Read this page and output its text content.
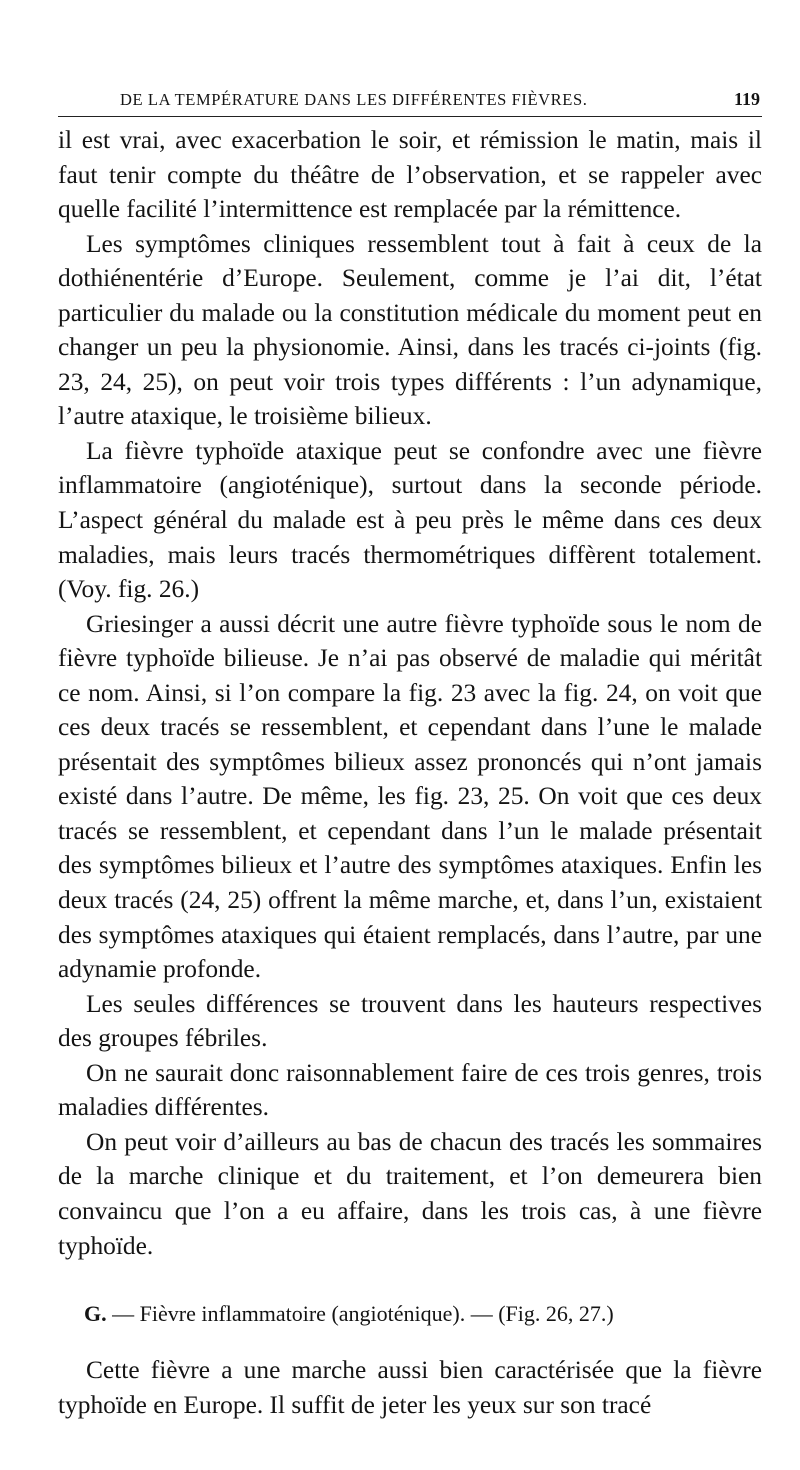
DE LA TEMPÉRATURE DANS LES DIFFÉRENTES FIÈVRES.	119

il est vrai, avec exacerbation le soir, et rémission le matin, mais il faut tenir compte du théâtre de l’observation, et se rappeler avec quelle facilité l’intermittence est remplacée par la rémittence.

Les symptômes cliniques ressemblent tout à fait à ceux de la dothiénentérie d’Europe. Seulement, comme je l’ai dit, l’état particulier du malade ou la constitution médicale du moment peut en changer un peu la physionomie. Ainsi, dans les tracés ci-joints (fig. 23, 24, 25), on peut voir trois types différents : l’un adynamique, l’autre ataxique, le troisième bilieux.

La fièvre typhoïde ataxique peut se confondre avec une fièvre inflammatoire (angioténique), surtout dans la seconde période. L’aspect général du malade est à peu près le même dans ces deux maladies, mais leurs tracés thermométriques diffèrent totalement. (Voy. fig. 26.)

Griesinger a aussi décrit une autre fièvre typhoïde sous le nom de fièvre typhoïde bilieuse. Je n’ai pas observé de maladie qui méritât ce nom. Ainsi, si l’on compare la fig. 23 avec la fig. 24, on voit que ces deux tracés se ressemblent, et cependant dans l’une le malade présentait des symptômes bilieux assez prononcés qui n’ont jamais existé dans l’autre. De même, les fig. 23, 25. On voit que ces deux tracés se ressemblent, et cependant dans l’un le malade présentait des symptômes bilieux et l’autre des symptômes ataxiques. Enfin les deux tracés (24, 25) offrent la même marche, et, dans l’un, existaient des symptômes ataxiques qui étaient remplacés, dans l’autre, par une adynamie profonde.

Les seules différences se trouvent dans les hauteurs respectives des groupes fébriles.

On ne saurait donc raisonnablement faire de ces trois genres, trois maladies différentes.

On peut voir d’ailleurs au bas de chacun des tracés les sommaires de la marche clinique et du traitement, et l’on demeurera bien convaincu que l’on a eu affaire, dans les trois cas, à une fièvre typhoïde.

G. — Fièvre inflammatoire (angioténique). — (Fig. 26, 27.)

Cette fièvre a une marche aussi bien caractérisée que la fièvre typhoïde en Europe. Il suffit de jeter les yeux sur son tracé
